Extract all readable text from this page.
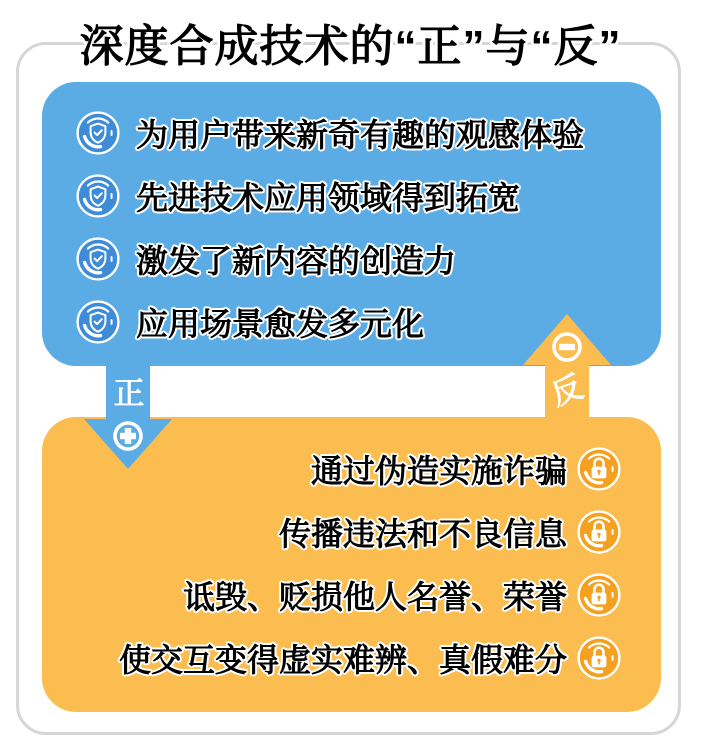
深度合成技术的“正”与“反”
为用户带来新奇有趣的观感体验
先进技术应用领域得到拓宽
激发了新内容的创造力
应用场景愈发多元化
通过伪造实施诈骗
传播违法和不良信息
诋毁、贬损他人名誉、荣誉
使交互变得虚实难辨、真假难分
正	反
